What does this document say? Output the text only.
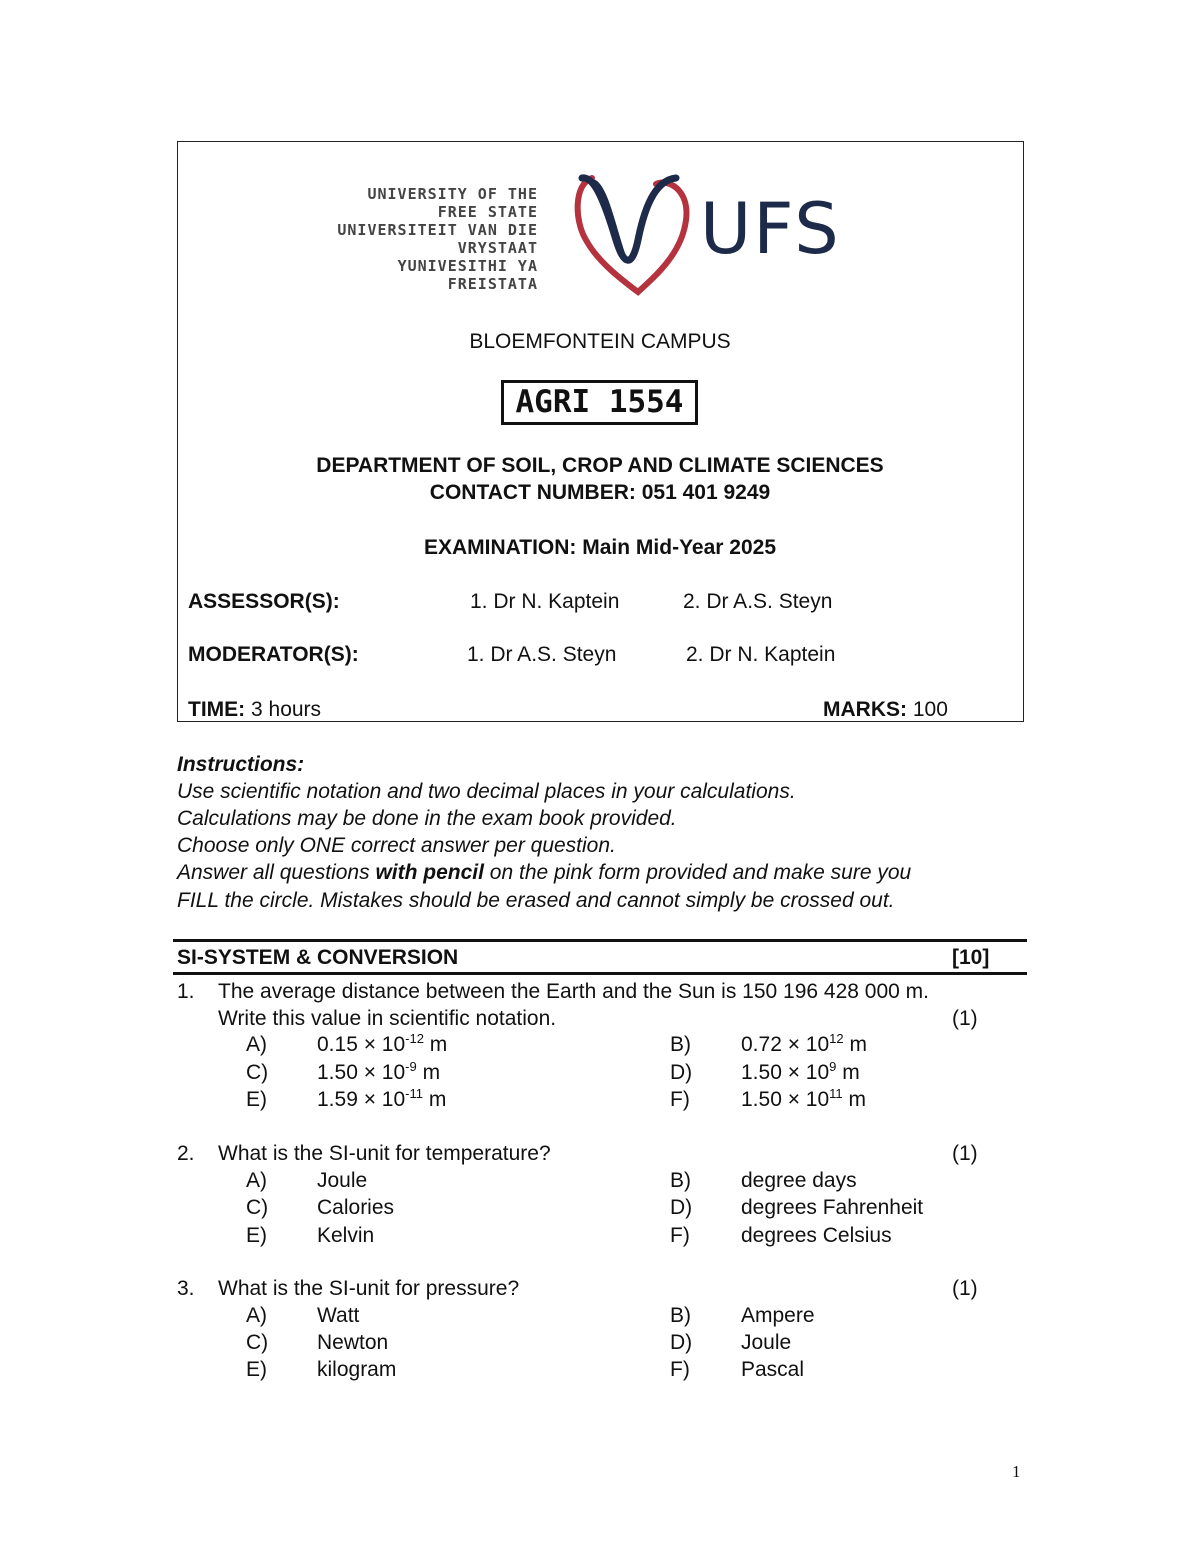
UNIVERSITY OF THE
FREE STATE
UNIVERSITEIT VAN DIE
VRYSTAAT
YUNIVESITHI YA
FREISTATA
UFS
BLOEMFONTEIN CAMPUS
AGRI 1554
DEPARTMENT OF SOIL, CROP AND CLIMATE SCIENCES
CONTACT NUMBER: 051 401 9249
EXAMINATION: Main Mid-Year 2025
ASSESSOR(S):	1. Dr N. Kaptein	2. Dr A.S. Steyn
MODERATOR(S):	1. Dr A.S. Steyn	2. Dr N. Kaptein
TIME: 3 hours	MARKS: 100
Instructions:
Use scientific notation and two decimal places in your calculations.
Calculations may be done in the exam book provided.
Choose only ONE correct answer per question.
Answer all questions with pencil on the pink form provided and make sure you
FILL the circle. Mistakes should be erased and cannot simply be crossed out.
SI-SYSTEM & CONVERSION	[10]
1. The average distance between the Earth and the Sun is 150 196 428 000 m.
Write this value in scientific notation.	(1)
A) $0.15 \times 10^{-12}$ m	B) $0.72 \times 10^{12}$ m
C) $1.50 \times 10^{-9}$ m	D) $1.50 \times 10^9$ m
E) $1.59 \times 10^{-11}$ m	F) $1.50 \times 10^{11}$ m
2. What is the SI-unit for temperature?	(1)
A) Joule	B) degree days
C) Calories	D) degrees Fahrenheit
E) Kelvin	F) degrees Celsius
3. What is the SI-unit for pressure?	(1)
A) Watt	B) Ampere
C) Newton	D) Joule
E) kilogram	F) Pascal
1
